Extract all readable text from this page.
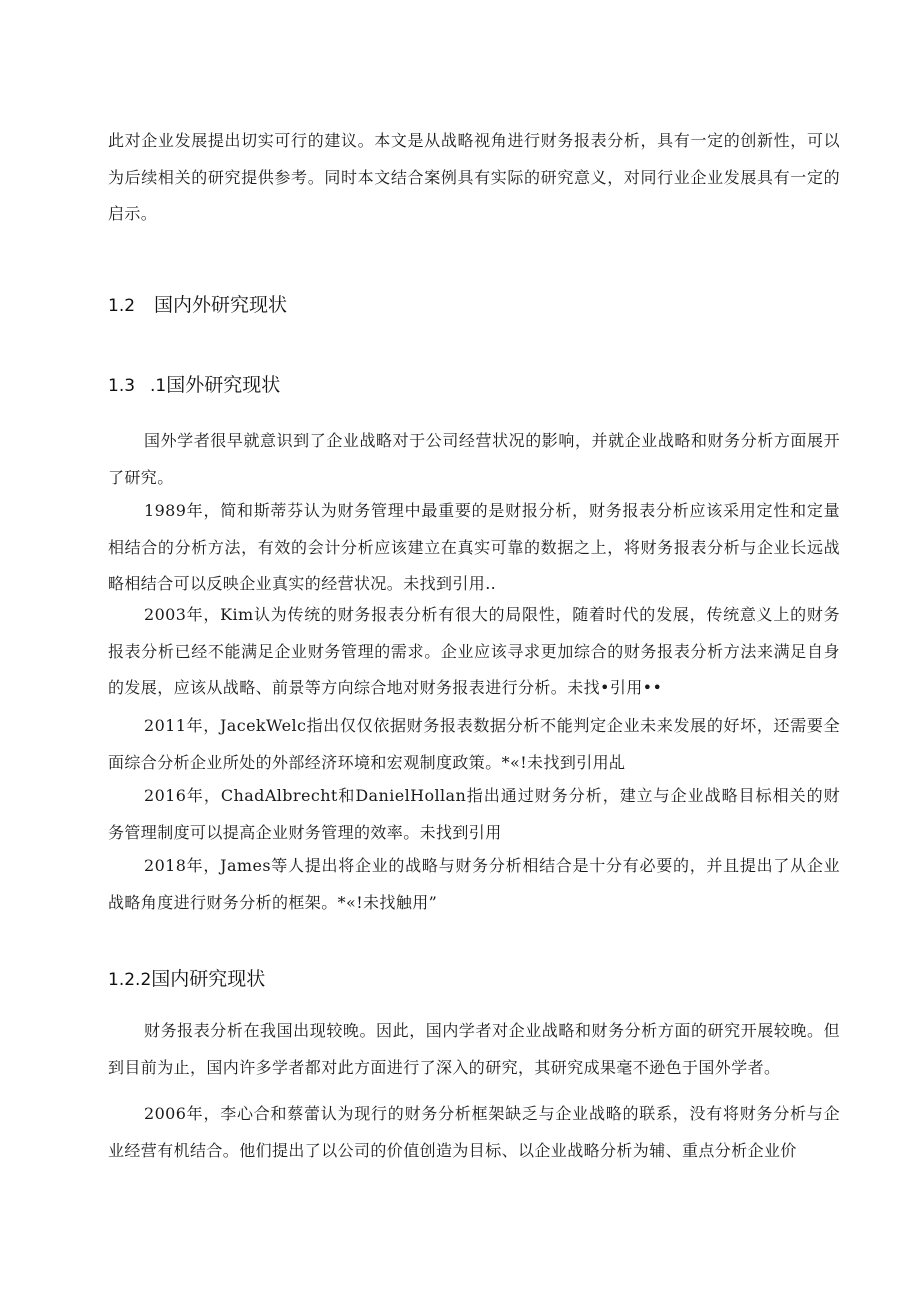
此对企业发展提出切实可行的建议。本文是从战略视角进行财务报表分析，具有一定的创新性，可以为后续相关的研究提供参考。同时本文结合案例具有实际的研究意义，对同行业企业发展具有一定的启示。

1.2 国内外研究现状
1.3 .1国外研究现状

国外学者很早就意识到了企业战略对于公司经营状况的影响，并就企业战略和财务分析方面展开了研究。

1989年，简和斯蒂芬认为财务管理中最重要的是财报分析，财务报表分析应该采用定性和定量相结合的分析方法，有效的会计分析应该建立在真实可靠的数据之上，将财务报表分析与企业长远战略相结合可以反映企业真实的经营状况。未找到引用..

2003年，Kim认为传统的财务报表分析有很大的局限性，随着时代的发展，传统意义上的财务报表分析已经不能满足企业财务管理的需求。企业应该寻求更加综合的财务报表分析方法来满足自身的发展，应该从战略、前景等方向综合地对财务报表进行分析。未找•引用••

2011年，JacekWelc指出仅仅依据财务报表数据分析不能判定企业未来发展的好坏，还需要全面综合分析企业所处的外部经济环境和宏观制度政策。*«!未找到引用乩

2016年，ChadAlbrecht和DanielHollan指出通过财务分析，建立与企业战略目标相关的财务管理制度可以提高企业财务管理的效率。未找到引用

2018年，James等人提出将企业的战略与财务分析相结合是十分有必要的，并且提出了从企业战略角度进行财务分析的框架。*«!未找触用”

1.2.2国内研究现状

财务报表分析在我国出现较晚。因此，国内学者对企业战略和财务分析方面的研究开展较晚。但到目前为止，国内许多学者都对此方面进行了深入的研究，其研究成果毫不逊色于国外学者。

2006年，李心合和蔡蕾认为现行的财务分析框架缺乏与企业战略的联系，没有将财务分析与企业经营有机结合。他们提出了以公司的价值创造为目标、以企业战略分析为辅、重点分析企业价
